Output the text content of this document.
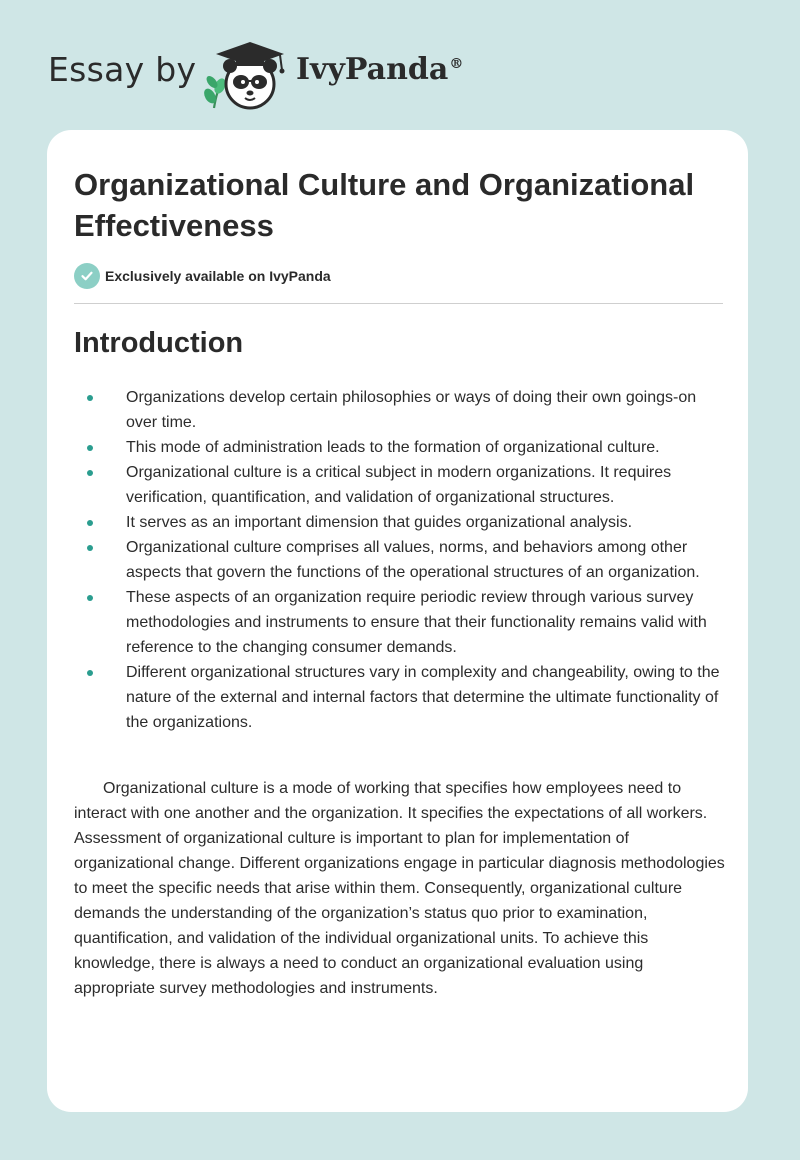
Essay by	IvyPanda®
Organizational Culture and Organizational Effectiveness
Exclusively available on IvyPanda
Introduction
Organizations develop certain philosophies or ways of doing their own goings-on over time.
This mode of administration leads to the formation of organizational culture.
Organizational culture is a critical subject in modern organizations. It requires verification, quantification, and validation of organizational structures.
It serves as an important dimension that guides organizational analysis.
Organizational culture comprises all values, norms, and behaviors among other aspects that govern the functions of the operational structures of an organization.
These aspects of an organization require periodic review through various survey methodologies and instruments to ensure that their functionality remains valid with reference to the changing consumer demands.
Different organizational structures vary in complexity and changeability, owing to the nature of the external and internal factors that determine the ultimate functionality of the organizations.

Organizational culture is a mode of working that specifies how employees need to interact with one another and the organization. It specifies the expectations of all workers. Assessment of organizational culture is important to plan for implementation of organizational change. Different organizations engage in particular diagnosis methodologies to meet the specific needs that arise within them. Consequently, organizational culture demands the understanding of the organization’s status quo prior to examination, quantification, and validation of the individual organizational units. To achieve this knowledge, there is always a need to conduct an organizational evaluation using appropriate survey methodologies and instruments.
